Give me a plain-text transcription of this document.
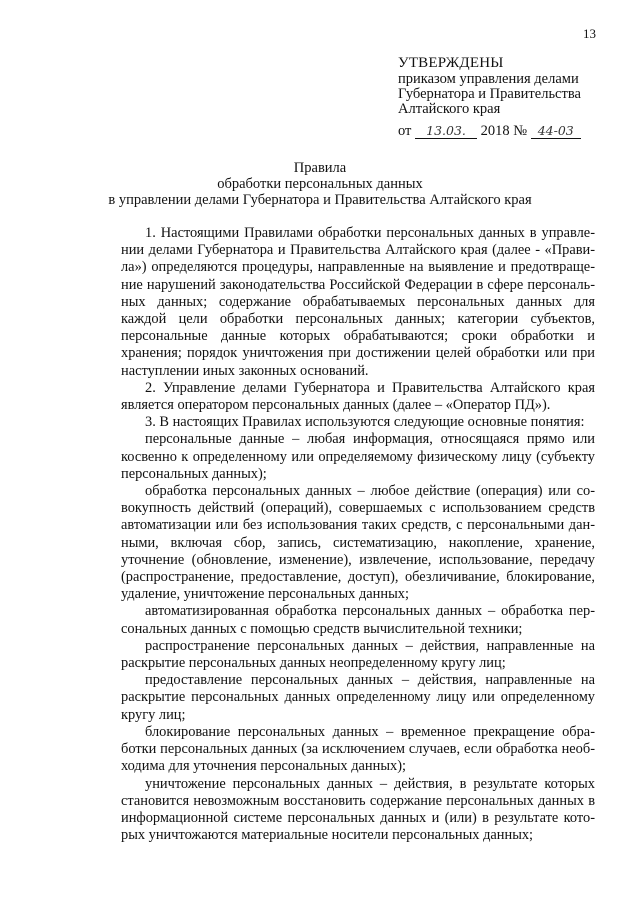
13
УТВЕРЖДЕНЫ
приказом управления делами
Губернатора и Правительства
Алтайского края
от 13.03. 2018 № 44-03
Правила
обработки персональных данных
в управлении делами Губернатора и Правительства Алтайского края

1. Настоящими Правилами обработки персональных данных в управлении делами Губернатора и Правительства Алтайского края (далее - «Правила») определяются процедуры, направленные на выявление и предотвращение нарушений законодательства Российской Федерации в сфере персональных данных; содержание обрабатываемых персональных данных для каждой цели обработки персональных данных; категории субъектов, персональные данные которых обрабатываются; сроки обработки и хранения; порядок уничтожения при достижении целей обработки или при наступлении иных законных оснований.

2. Управление делами Губернатора и Правительства Алтайского края является оператором персональных данных (далее – «Оператор ПД»).

3. В настоящих Правилах используются следующие основные понятия:

персональные данные – любая информация, относящаяся прямо или косвенно к определенному или определяемому физическому лицу (субъекту персональных данных);

обработка персональных данных – любое действие (операция) или совокупность действий (операций), совершаемых с использованием средств автоматизации или без использования таких средств, с персональными данными, включая сбор, запись, систематизацию, накопление, хранение, уточнение (обновление, изменение), извлечение, использование, передачу (распространение, предоставление, доступ), обезличивание, блокирование, удаление, уничтожение персональных данных;

автоматизированная обработка персональных данных – обработка персональных данных с помощью средств вычислительной техники;

распространение персональных данных – действия, направленные на раскрытие персональных данных неопределенному кругу лиц;

предоставление персональных данных – действия, направленные на раскрытие персональных данных определенному лицу или определенному кругу лиц;

блокирование персональных данных – временное прекращение обработки персональных данных (за исключением случаев, если обработка необходима для уточнения персональных данных);

уничтожение персональных данных – действия, в результате которых становится невозможным восстановить содержание персональных данных в информационной системе персональных данных и (или) в результате которых уничтожаются материальные носители персональных данных;
